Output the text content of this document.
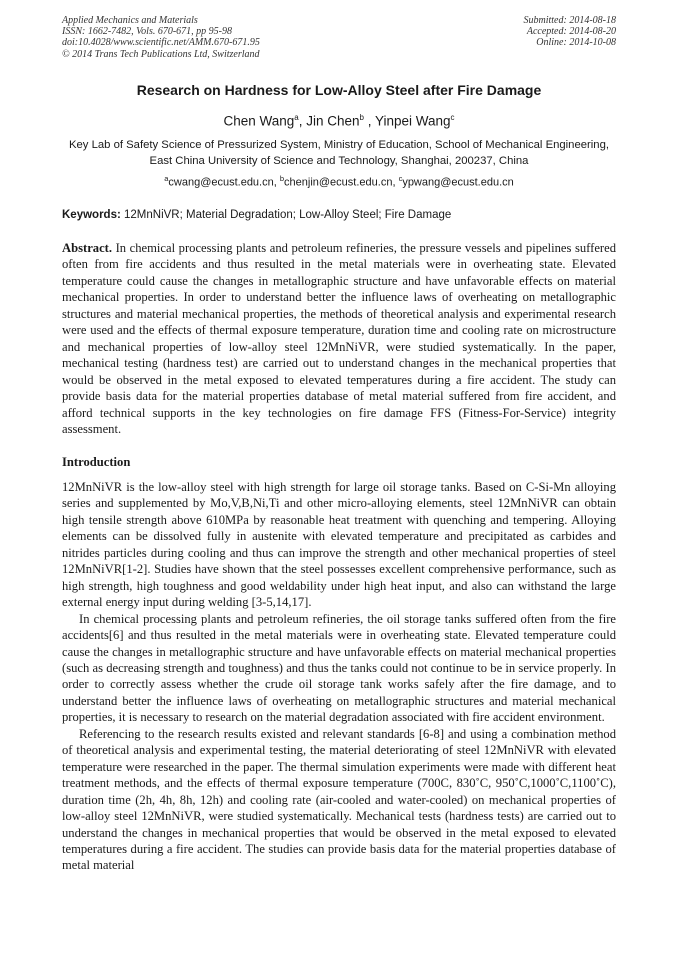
Applied Mechanics and Materials
ISSN: 1662-7482, Vols. 670-671, pp 95-98
doi:10.4028/www.scientific.net/AMM.670-671.95
© 2014 Trans Tech Publications Ltd, Switzerland
Submitted: 2014-08-18
Accepted: 2014-08-20
Online: 2014-10-08
Research on Hardness for Low-Alloy Steel after Fire Damage
Chen Wang$^a$, Jin Chen$^b$ , Yinpei Wang$^c$
Key Lab of Safety Science of Pressurized System, Ministry of Education, School of Mechanical Engineering, East China University of Science and Technology, Shanghai, 200237, China
$^a$cwang@ecust.edu.cn, $^b$chenjin@ecust.edu.cn, $^c$ypwang@ecust.edu.cn
Keywords: 12MnNiVR; Material Degradation; Low-Alloy Steel; Fire Damage

Abstract. In chemical processing plants and petroleum refineries, the pressure vessels and pipelines suffered often from fire accidents and thus resulted in the metal materials were in overheating state. Elevated temperature could cause the changes in metallographic structure and have unfavorable effects on material mechanical properties. In order to understand better the influence laws of overheating on metallographic structures and material mechanical properties, the methods of theoretical analysis and experimental research were used and the effects of thermal exposure temperature, duration time and cooling rate on microstructure and mechanical properties of low-alloy steel 12MnNiVR, were studied systematically. In the paper, mechanical testing (hardness test) are carried out to understand changes in the mechanical properties that would be observed in the metal exposed to elevated temperatures during a fire accident. The study can provide basis data for the material properties database of metal material suffered from fire accident, and afford technical supports in the key technologies on fire damage FFS (Fitness-For-Service) integrity assessment.

Introduction

12MnNiVR is the low-alloy steel with high strength for large oil storage tanks. Based on C-Si-Mn alloying series and supplemented by Mo,V,B,Ni,Ti and other micro-alloying elements, steel 12MnNiVR can obtain high tensile strength above 610MPa by reasonable heat treatment with quenching and tempering. Alloying elements can be dissolved fully in austenite with elevated temperature and precipitated as carbides and nitrides particles during cooling and thus can improve the strength and other mechanical properties of steel 12MnNiVR[1-2]. Studies have shown that the steel possesses excellent comprehensive performance, such as high strength, high toughness and good weldability under high heat input, and also can withstand the large external energy input during welding [3-5,14,17].

In chemical processing plants and petroleum refineries, the oil storage tanks suffered often from the fire accidents[6] and thus resulted in the metal materials were in overheating state. Elevated temperature could cause the changes in metallographic structure and have unfavorable effects on material mechanical properties (such as decreasing strength and toughness) and thus the tanks could not continue to be in service properly. In order to correctly assess whether the crude oil storage tank works safely after the fire damage, and to understand better the influence laws of overheating on metallographic structures and material mechanical properties, it is necessary to research on the material degradation associated with fire accident environment.

Referencing to the research results existed and relevant standards [6-8] and using a combination method of theoretical analysis and experimental testing, the material deteriorating of steel 12MnNiVR with elevated temperature were researched in the paper. The thermal simulation experiments were made with different heat treatment methods, and the effects of thermal exposure temperature (700C, 830˚C, 950˚C,1000˚C,1100˚C), duration time (2h, 4h, 8h, 12h) and cooling rate (air-cooled and water-cooled) on mechanical properties of low-alloy steel 12MnNiVR, were studied systematically. Mechanical tests (hardness tests) are carried out to understand the changes in mechanical properties that would be observed in the metal exposed to elevated temperatures during a fire accident. The studies can provide basis data for the material properties database of metal material
